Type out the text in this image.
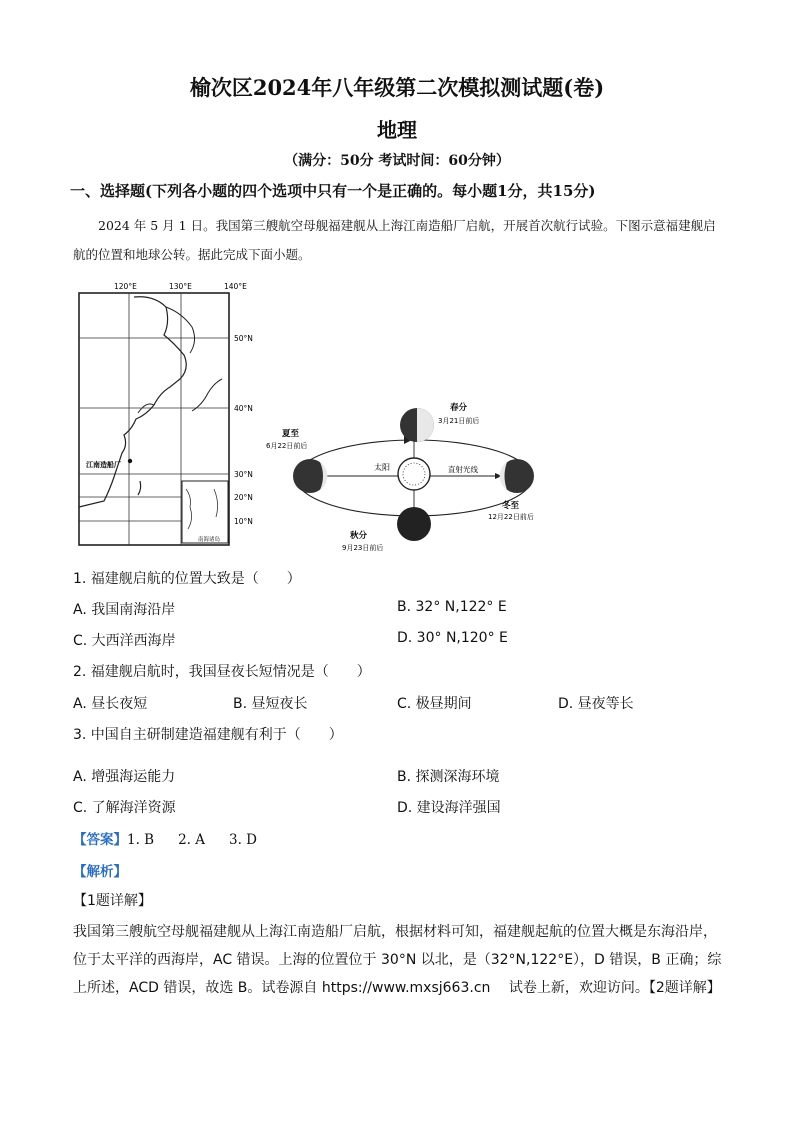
榆次区2024年八年级第二次模拟测试题(卷)
地理
（满分：50分 考试时间：60分钟）
一、选择题(下列各小题的四个选项中只有一个是正确的。每小题1分，共15分)

2024 年 5 月 1 日。我国第三艘航空母舰福建舰从上海江南造船厂启航，开展首次航行试验。下图示意福建舰启航的位置和地球公转。据此完成下面小题。

120°E	130°E	140°E
50°N
40°N
30°N
20°N
10°N
江南造船厂
南海诸岛
春分
3月21日前后
夏至
6月22日前后
冬至
12月22日前后
秋分
9月23日前后
太阳	直射光线
1. 福建舰启航的位置大致是（　　）
A. 我国南海沿岸	B. 32° N,122° E
C. 大西洋西海岸	D. 30° N,120° E
2. 福建舰启航时，我国昼夜长短情况是（　　）
A. 昼长夜短	B. 昼短夜长	C. 极昼期间	D. 昼夜等长
3. 中国自主研制建造福建舰有利于（　　）
A. 增强海运能力	B. 探测深海环境
C. 了解海洋资源	D. 建设海洋强国
【答案】1. B 2. A 3. D
【解析】
【1题详解】

我国第三艘航空母舰福建舰从上海江南造船厂启航，根据材料可知，福建舰起航的位置大概是东海沿岸，位于太平洋的西海岸，AC 错误。上海的位置位于 30°N 以北，是（32°N,122°E），D 错误，B 正确；综上所述，ACD 错误，故选 B。试卷源自 https://www.mxsj663.cn　 试卷上新，欢迎访问。【2题详解】
